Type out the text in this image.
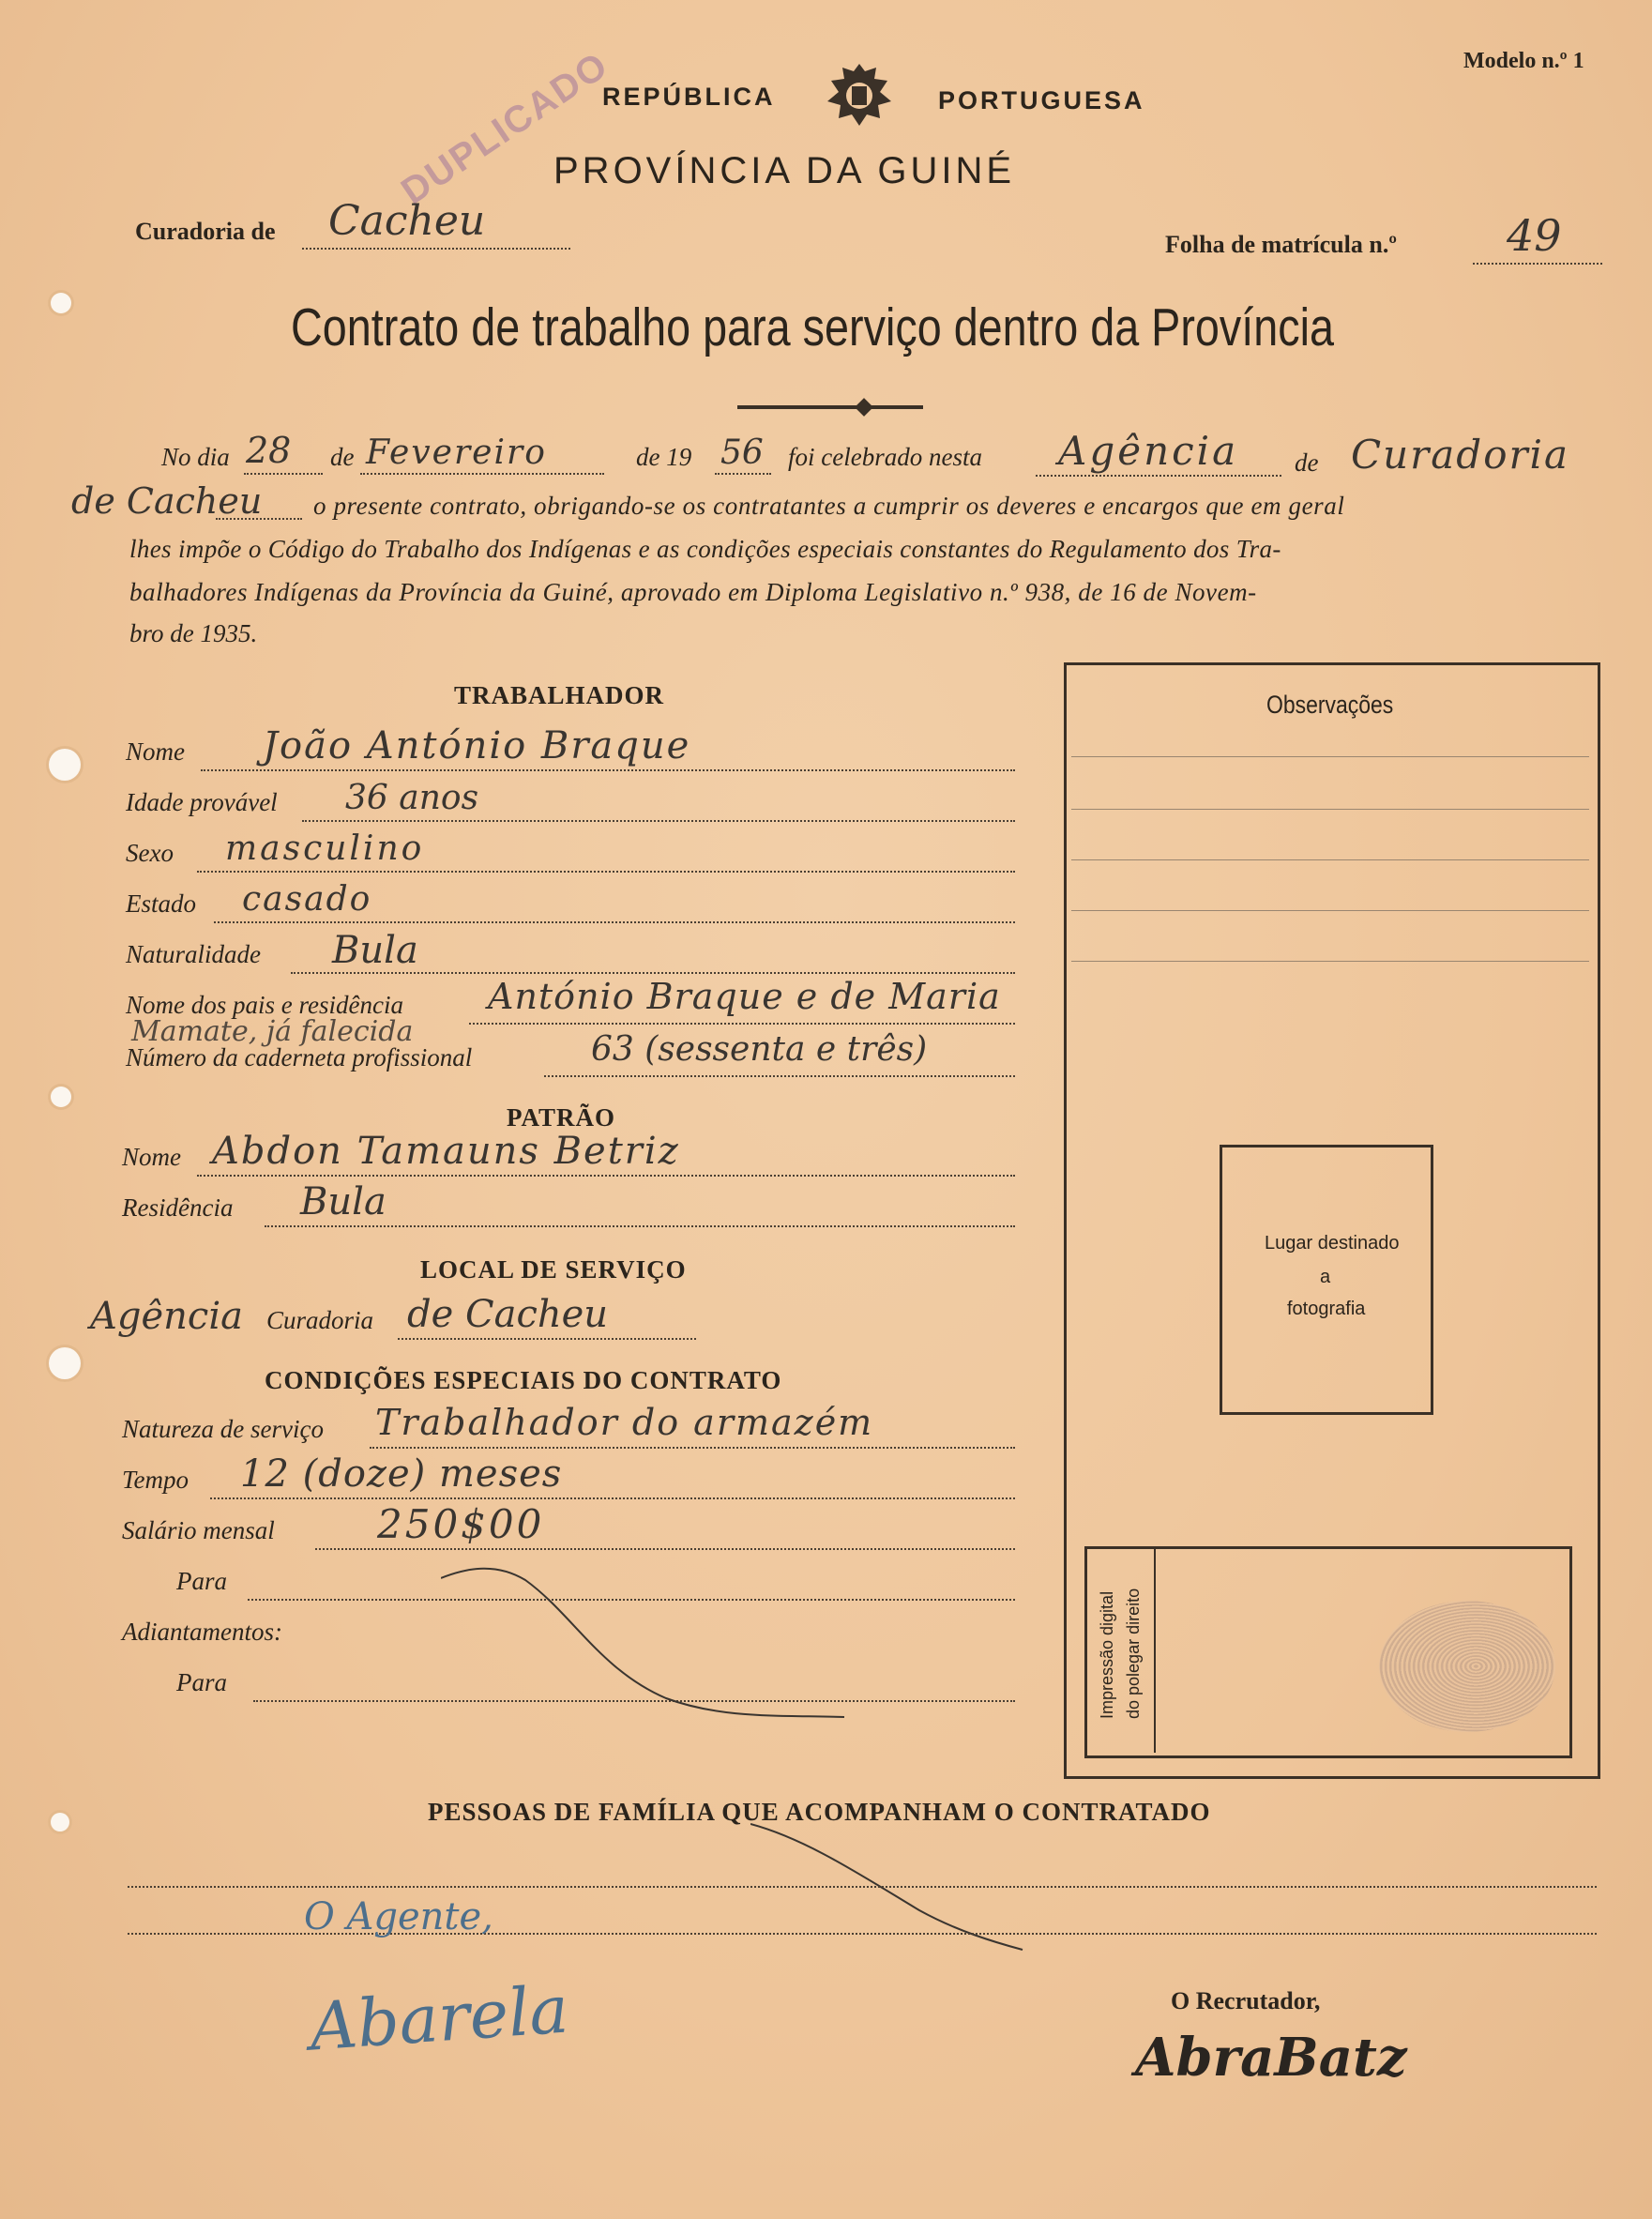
Modelo n.º 1
REPÚBLICA	PORTUGUESA
PROVÍNCIA DA GUINÉ
DUPLICADO
Curadoria de Cacheu	Folha de matrícula n.º	49
Contrato de trabalho para serviço dentro da Província
No dia 28 de Fevereiro	de 19 56 foi celebrado nesta Agência de Curadoria
de Cacheu o presente contrato, obrigando-se os contratantes a cumprir os deveres e encargos que em geral
lhes impõe o Código do Trabalho dos Indígenas e as condições especiais constantes do Regulamento dos Tra-
balhadores Indígenas da Província da Guiné, aprovado em Diploma Legislativo n.º 938, de 16 de Novem-
bro de 1935.
TRABALHADOR
Nome João António Braque
Idade provável 36 anos
Sexo masculino
Estado casado
Naturalidade Bula
Nome dos pais e residência António Braque e de Maria
Mamate, já falecida
Número da caderneta profissional	63 (sessenta e três)
PATRÃO
Nome Abdon Tamauns Betriz
Residência Bula
LOCAL DE SERVIÇO
Agência Curadoria de Cacheu
CONDIÇÕES ESPECIAIS DO CONTRATO
Natureza de serviço Trabalhador do armazém
Tempo 12 (doze) meses
Salário mensal	250$00
Para
Adiantamentos:
Para
Observações
Lugar destinado
a
fotografia
Impressão digital do polegar direito
PESSOAS DE FAMÍLIA QUE ACOMPANHAM O CONTRATADO
O Agente,
Abarela	O Recrutador,
AbraBatz
